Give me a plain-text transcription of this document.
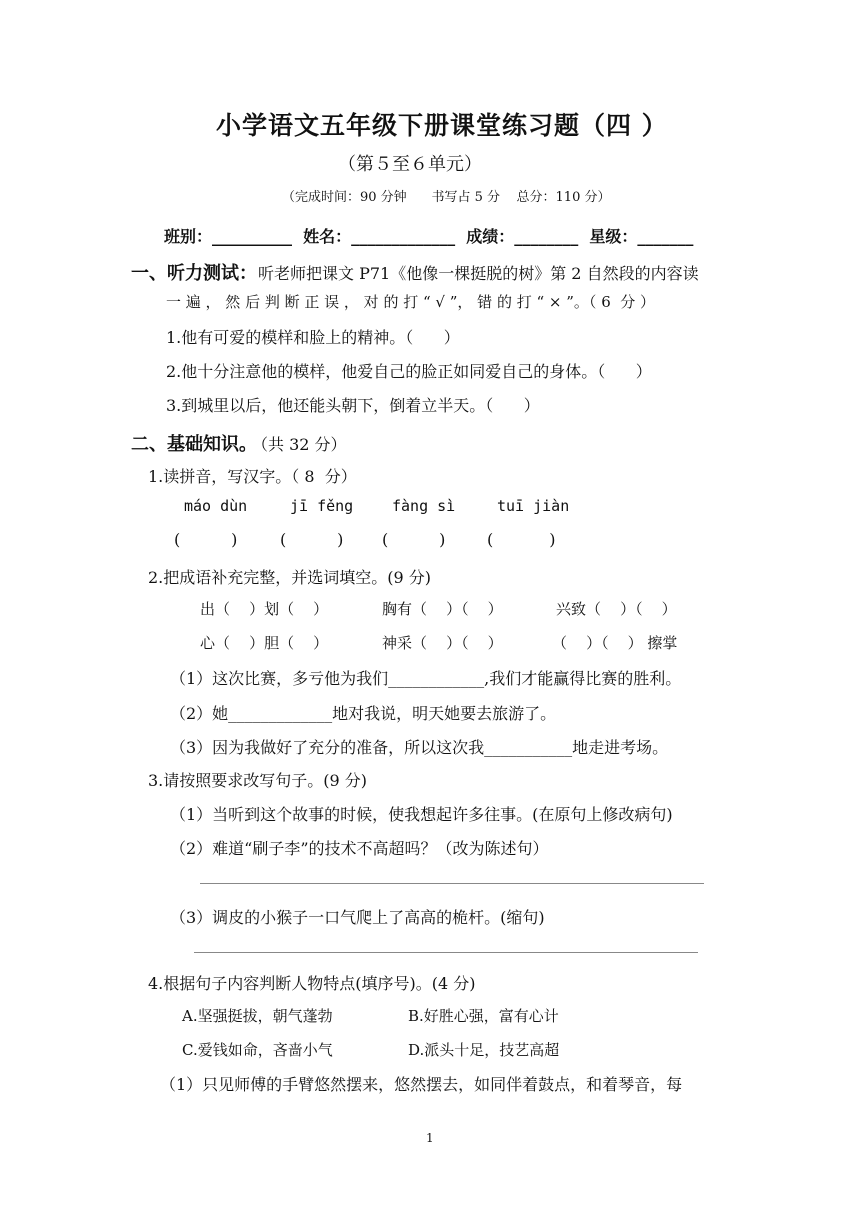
小学语文五年级下册课堂练习题（四 ）
（第５至６单元）
（完成时间：90 分钟      书写占 5 分    总分：110 分）
班别：__________  姓名：_____________  成绩：________  星级：_______
一、听力测试： 听老师把课文 P71《他像一棵挺脱的树》第 2 自然段的内容读
一 遍 ， 然 后 判 断 正 误 ， 对 的 打 “ √ ”， 错 的 打 “ × ”。（ 6  分 ）
1.他有可爱的模样和脸上的精神。（      ）
2.他十分注意他的模样，他爱自己的脸正如同爱自己的身体。（      ）
3.到城里以后，他还能头朝下，倒着立半天。（      ）
二、基础知识。
（共 32 分）
1.读拼音，写汉字。（ 8  分）
máo dùn	jī fěng	fàng sì	tuī jiàn
(          )	(          ) (          )	(           )
2.把成语补充完整，并选词填空。(9 分)
出（    ）划（    ）	胸有（    ）（    ）	兴致（    ）（    ）
心（    ）胆（    ）	神采（    ）（    ）	（    ）（    ） 擦掌
（1）这次比赛，多亏他为我们____________,我们才能赢得比赛的胜利。
（2）她_____________地对我说，明天她要去旅游了。
（3）因为我做好了充分的准备，所以这次我___________地走进考场。
3.请按照要求改写句子。(9 分)
（1）当听到这个故事的时候，使我想起许多往事。(在原句上修改病句)
（2）难道“刷子李”的技术不高超吗？（改为陈述句）
（3）调皮的小猴子一口气爬上了高高的桅杆。(缩句)
4.根据句子内容判断人物特点(填序号)。(4 分)
A.坚强挺拔，朝气蓬勃	B.好胜心强，富有心计
C.爱钱如命，吝啬小气	D.派头十足，技艺高超
（1）只见师傅的手臂悠然摆来，悠然摆去，如同伴着鼓点，和着琴音，每
1
